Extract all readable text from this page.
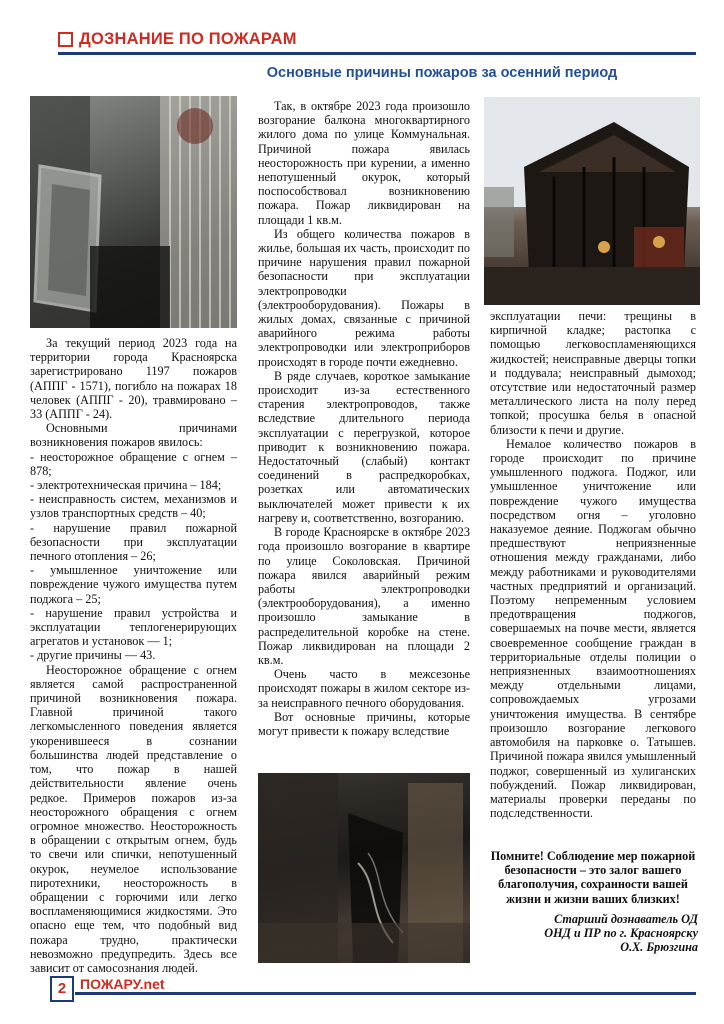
ДОЗНАНИЕ ПО ПОЖАРАМ
Основные причины пожаров за осенний период

За текущий период 2023 года на территории города Красноярска зарегистрировано 1197 пожаров (АППГ - 1571), погибло на пожарах 18 человек (АППГ - 20), травмировано – 33 (АППГ - 24).

Основными причинами возникновения пожаров явилось:

- неосторожное обращение с огнем – 878;

- электротехническая причина – 184;

- неисправность систем, механизмов и узлов транспортных средств – 40;

- нарушение правил пожарной безопасности при эксплуатации печного отопления – 26;

- умышленное уничтожение или повреждение чужого имущества путем поджога – 25;

- нарушение правил устройства и эксплуатации теплогенерирующих агрегатов и установок — 1;

- другие причины — 43.

Неосторожное обращение с огнем является самой распространенной причиной возникновения пожара. Главной причиной такого легкомысленного поведения является укоренившееся в сознании большинства людей представление о том, что пожар в нашей действительности явление очень редкое. Примеров пожаров из-за неосторожного обращения с огнем огромное множество. Неосторожность в обращении с открытым огнем, будь то свечи или спички, непотушенный окурок, неумелое использование пиротехники, неосторожность в обращении с горючими или легко воспламеняющимися жидкостями. Это опасно еще тем, что подобный вид пожара трудно, практически невозможно предупредить. Здесь все зависит от самосознания людей.

Так, в октябре 2023 года произошло возгорание балкона многоквартирного жилого дома по улице Коммунальная. Причиной пожара явилась неосторожность при курении, а именно непотушенный окурок, который поспособствовал возникновению пожара. Пожар ликвидирован на площади 1 кв.м.

Из общего количества пожаров в жилье, большая их часть, происходит по причине нарушения правил пожарной безопасности при эксплуатации электропроводки (электрооборудования). Пожары в жилых домах, связанные с причиной аварийного режима работы электропроводки или электроприборов происходят в городе почти ежедневно.

В ряде случаев, короткое замыкание происходит из-за естественного старения электропроводов, также вследствие длительного периода эксплуатации с перегрузкой, которое приводит к возникновению пожара. Недостаточный (слабый) контакт соединений в распредкоробках, розетках или автоматических выключателей может привести к их нагреву и, соответственно, возгоранию.

В городе Красноярске в октябре 2023 года произошло возгорание в квартире по улице Соколовская. Причиной пожара явился аварийный режим работы электропроводки (электрооборудования), а именно произошло замыкание в распределительной коробке на стене. Пожар ликвидирован на площади 2 кв.м.

Очень часто в межсезонье происходят пожары в жилом секторе из-за неисправного печного оборудования.

Вот основные причины, которые могут привести к пожару вследствие

эксплуатации печи: трещины в кирпичной кладке; растопка с помощью легковоспламеняющихся жидкостей; неисправные дверцы топки и поддувала; неисправный дымоход; отсутствие или недостаточный размер металлического листа на полу перед топкой; просушка белья в опасной близости к печи и другие.

Немалое количество пожаров в городе происходит по причине умышленного поджога. Поджог, или умышленное уничтожение или повреждение чужого имущества посредством огня – уголовно наказуемое деяние. Поджогам обычно предшествуют неприязненные отношения между гражданами, либо между работниками и руководителями частных предприятий и организаций. Поэтому непременным условием предотвращения поджогов, совершаемых на почве мести, является своевременное сообщение граждан в территориальные отделы полиции о неприязненных взаимоотношениях между отдельными лицами, сопровождаемых угрозами уничтожения имущества. В сентябре произошло возгорание легкового автомобиля на парковке о. Татышев. Причиной пожара явился умышленный поджог, совершенный из хулиганских побуждений. Пожар ликвидирован, материалы проверки переданы по подследственности.

Помните! Соблюдение мер пожарной безопасности – это залог вашего благополучия, сохранности вашей жизни и жизни ваших близких!
Старший дознаватель ОД
ОНД и ПР по г. Красноярску
О.Х. Брюзгина
2 ПОЖАРУ.net
